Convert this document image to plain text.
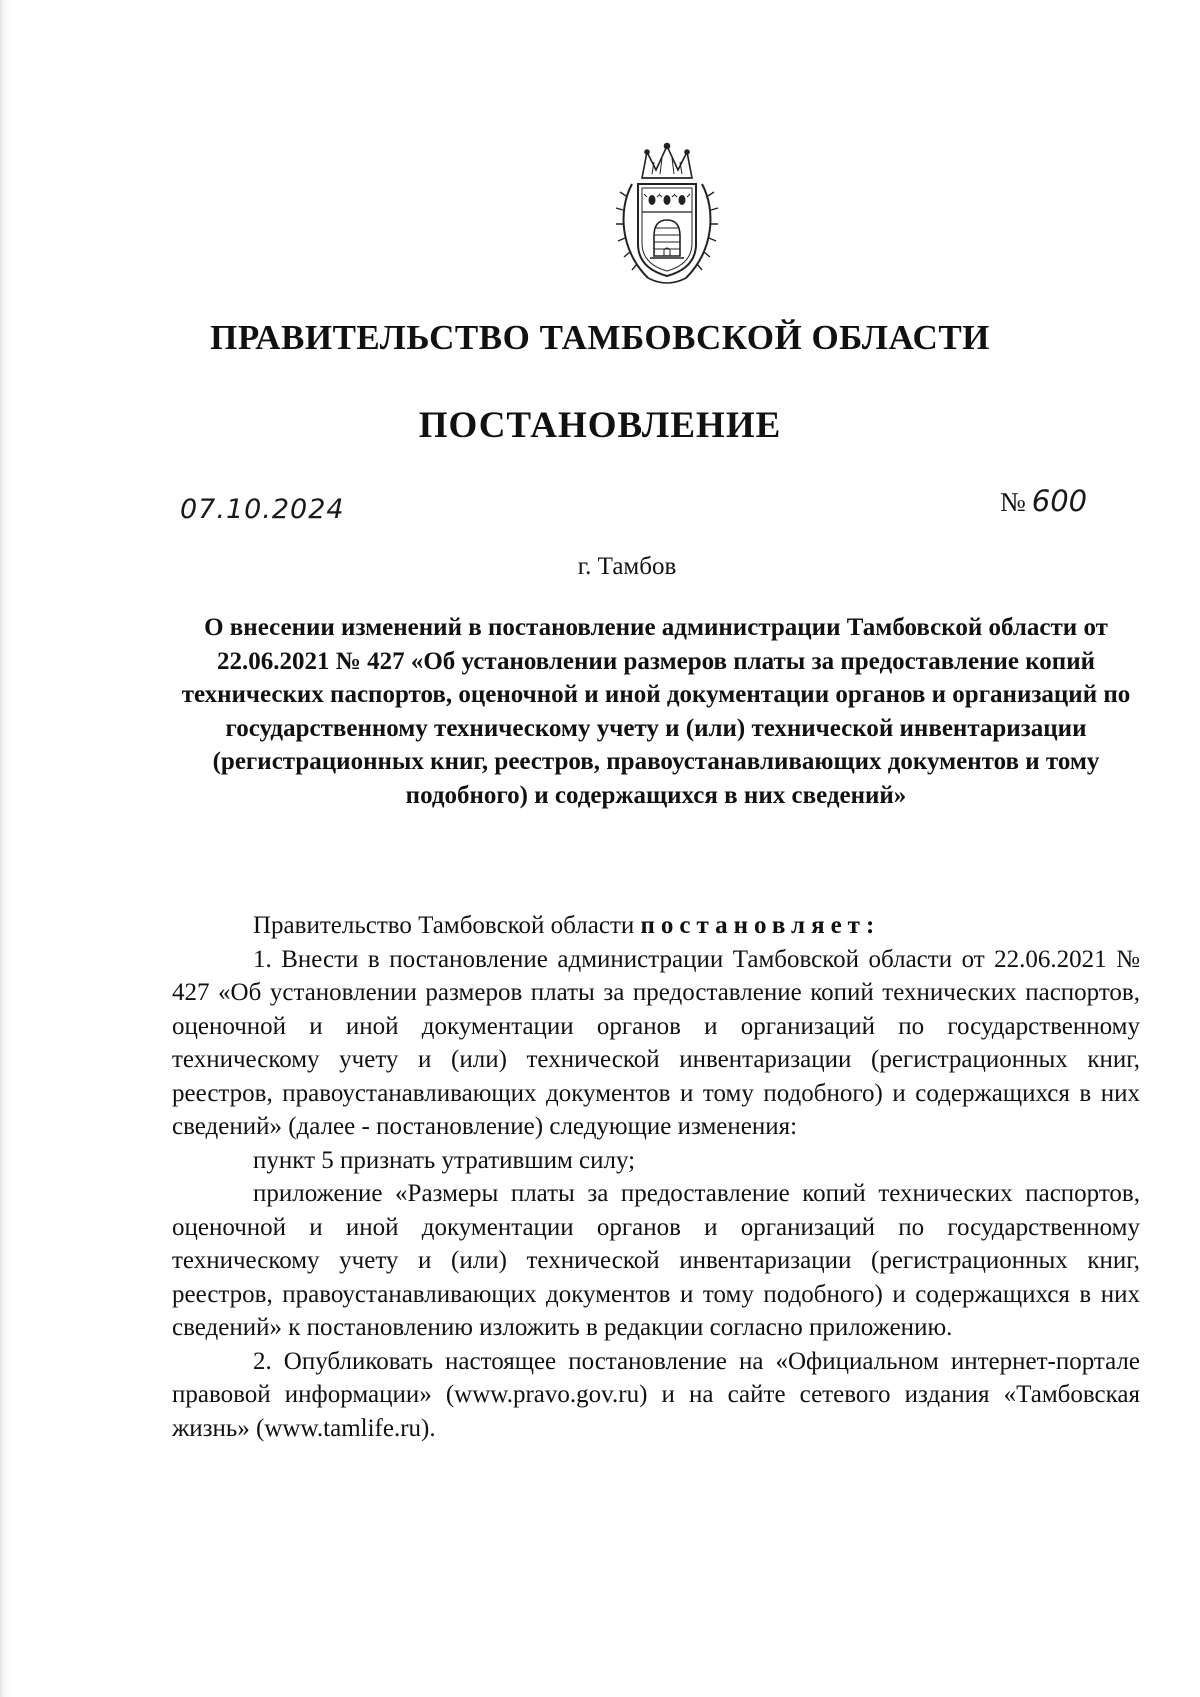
ПРАВИТЕЛЬСТВО ТАМБОВСКОЙ ОБЛАСТИ
ПОСТАНОВЛЕНИЕ
07.10.2024	№ 600
г. Тамбов
О внесении изменений в постановление администрации Тамбовской области от 22.06.2021 № 427 «Об установлении размеров платы за предоставление копий технических паспортов, оценочной и иной документации органов и организаций по государственному техническому учету и (или) технической инвентаризации (регистрационных книг, реестров, правоустанавливающих документов и тому подобного) и содержащихся в них сведений»

Правительство Тамбовской области постановляет:

1. Внести в постановление администрации Тамбовской области от 22.06.2021 № 427 «Об установлении размеров платы за предоставление копий технических паспортов, оценочной и иной документации органов и организаций по государственному техническому учету и (или) технической инвентаризации (регистрационных книг, реестров, правоустанавливающих документов и тому подобного) и содержащихся в них сведений» (далее - постановление) следующие изменения:

пункт 5 признать утратившим силу;

приложение «Размеры платы за предоставление копий технических паспортов, оценочной и иной документации органов и организаций по государственному техническому учету и (или) технической инвентаризации (регистрационных книг, реестров, правоустанавливающих документов и тому подобного) и содержащихся в них сведений» к постановлению изложить в редакции согласно приложению.

2. Опубликовать настоящее постановление на «Официальном интернет-портале правовой информации» (www.pravo.gov.ru) и на сайте сетевого издания «Тамбовская жизнь» (www.tamlife.ru).
